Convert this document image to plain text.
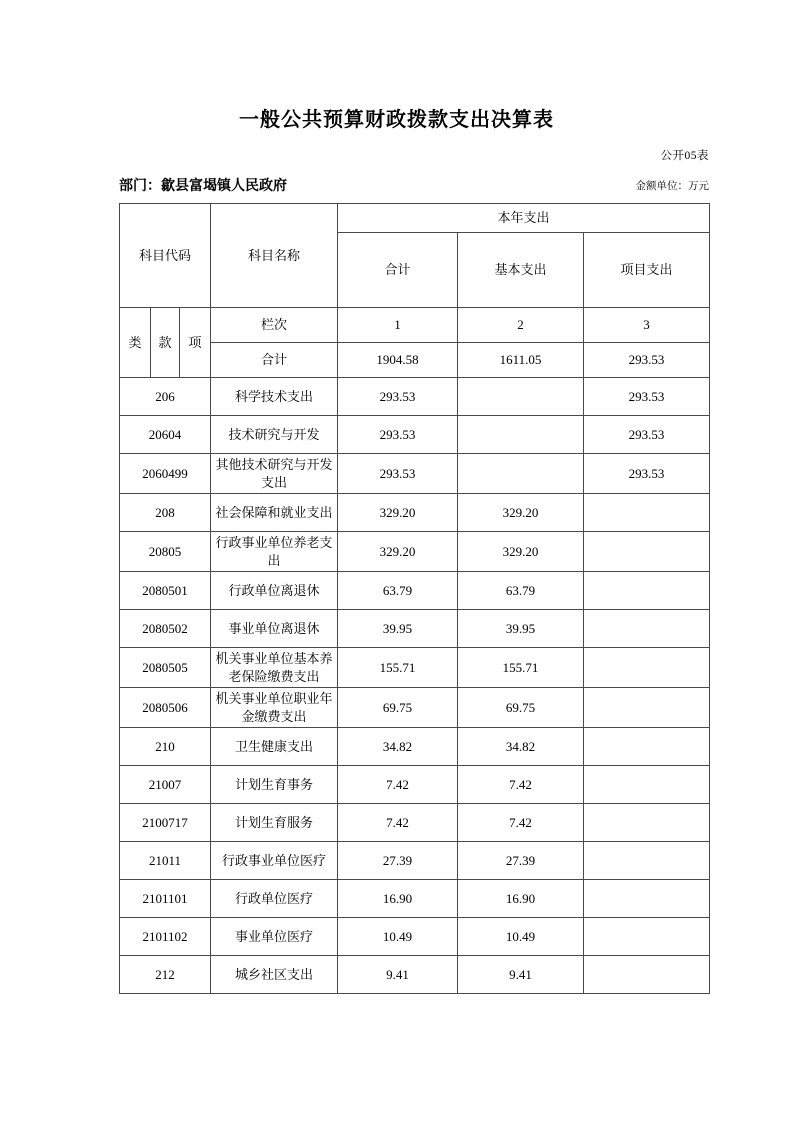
一般公共预算财政拨款支出决算表
公开05表
部门：歙县富堨镇人民政府	金额单位：万元
科目代码			科目名称	本年支出		
				合计	基本支出	项目支出
类	款	项	栏次	1	2	3
			合计	1904.58	1611.05	293.53
206			科学技术支出	293.53		293.53
20604			技术研究与开发	293.53		293.53
2060499			其他技术研究与开发支出	293.53		293.53
208			社会保障和就业支出	329.20	329.20	
20805			行政事业单位养老支出	329.20	329.20	
2080501			行政单位离退休	63.79	63.79	
2080502			事业单位离退休	39.95	39.95	
2080505			机关事业单位基本养老保险缴费支出	155.71	155.71	
2080506			机关事业单位职业年金缴费支出	69.75	69.75	
210			卫生健康支出	34.82	34.82	
21007			计划生育事务	7.42	7.42	
2100717			计划生育服务	7.42	7.42	
21011			行政事业单位医疗	27.39	27.39	
2101101			行政单位医疗	16.90	16.90	
2101102			事业单位医疗	10.49	10.49	
212			城乡社区支出	9.41	9.41	
